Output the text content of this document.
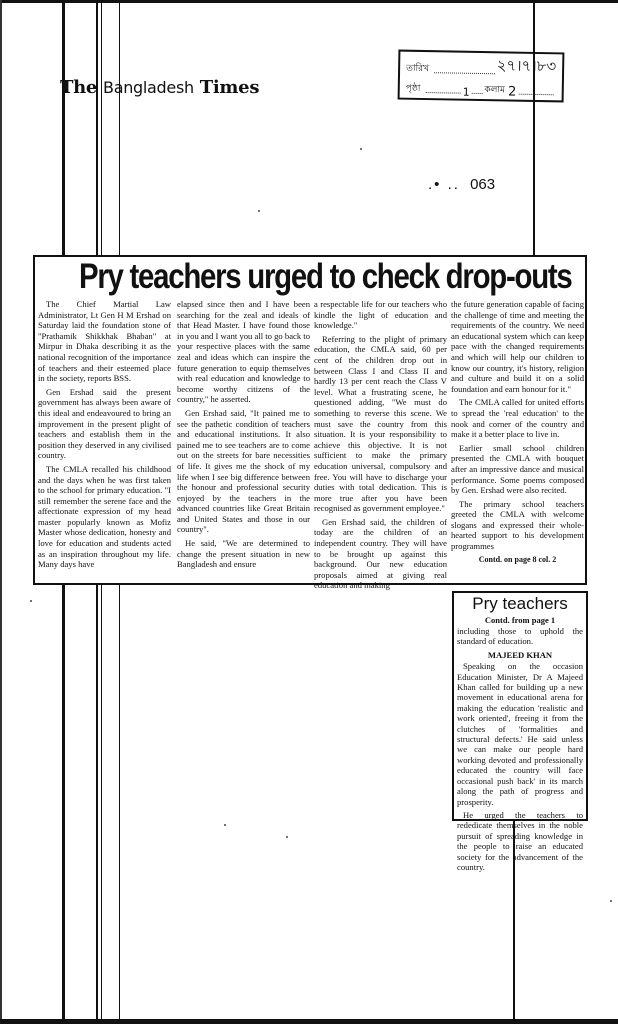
The Bangladesh Times
তারিখ	২৭।৭।৮৩
পৃষ্ঠা	1 কলাম 2
.• .. 063
Pry teachers urged to check drop-outs

The Chief Martial Law Administrator, Lt Gen H M Ershad on Saturday laid the foundation stone of "Prathamik Shikkhak Bhaban" at Mirpur in Dhaka describing it as the national recognition of the importance of teachers and their esteemed place in the society, reports BSS.

Gen Ershad said the present government has always been aware of this ideal and endeavoured to bring an improvement in the present plight of teachers and establish them in the position they deserved in any civilised country.

The CMLA recalled his childhood and the days when he was first taken to the school for primary education. "I still remember the serene face and the affectionate expression of my head master popularly known as Mofiz Master whose dedication, honesty and love for education and students acted as an inspiration throughout my life. Many days have

elapsed since then and I have been searching for the zeal and ideals of that Head Master. I have found those in you and I want you all to go back to your respective places with the same zeal and ideas which can inspire the future generation to equip themselves with real education and knowledge to become worthy citizens of the country," he asserted.

Gen Ershad said, "It pained me to see the pathetic condition of teachers and educational institutions. It also pained me to see teachers are to come out on the streets for bare necessities of life. It gives me the shock of my life when I see big difference between the honour and professional security enjoyed by the teachers in the advanced countries like Great Britain and United States and those in our country".

He said, "We are determined to change the present situation in new Bangladesh and ensure

a respectable life for our teachers who kindle the light of education and knowledge."

Referring to the plight of primary education, the CMLA said, 60 per cent of the children drop out in between Class I and Class II and hardly 13 per cent reach the Class V level. What a frustrating scene, he questioned adding, "We must do something to reverse this scene. We must save the country from this situation. It is your responsibility to achieve this objective. It is not sufficient to make the primary education universal, compulsory and free. You will have to discharge your duties with total dedication. This is more true after you have been recognised as government employee."

Gen Ershad said, the children of today are the children of an independent country. They will have to be brought up against this background. Our new education proposals aimed at giving real education and making

the future generation capable of facing the challenge of time and meeting the requirements of the country. We need an educational system which can keep pace with the changed requirements and which will help our children to know our country, it's history, religion and culture and build it on a solid foundation and earn honour for it."

The CMLA called for united efforts to spread the 'real education' to the nook and corner of the country and make it a better place to live in.

Earlier small school children presented the CMLA with bouquet after an impressive dance and musical performance. Some poems composed by Gen. Ershad were also recited.

The primary school teachers greeted the CMLA with welcome slogans and expressed their whole-hearted support to his development programmes

Contd. on page 8 col. 2

Pry teachers
Contd. from page 1

including those to uphold the standard of education.

MAJEED KHAN

Speaking on the occasion Education Minister, Dr A Majeed Khan called for building up a new movement in educational arena for making the education 'realistic and work oriented', freeing it from the clutches of 'formalities and structural defects.' He said unless we can make our people hard working devoted and professionally educated the country will face occasional push back' in its march along the path of progress and prosperity.

He urged the teachers to rededicate themselves in the noble pursuit of spreading knowledge in the people to raise an educated society for the advancement of the country.
